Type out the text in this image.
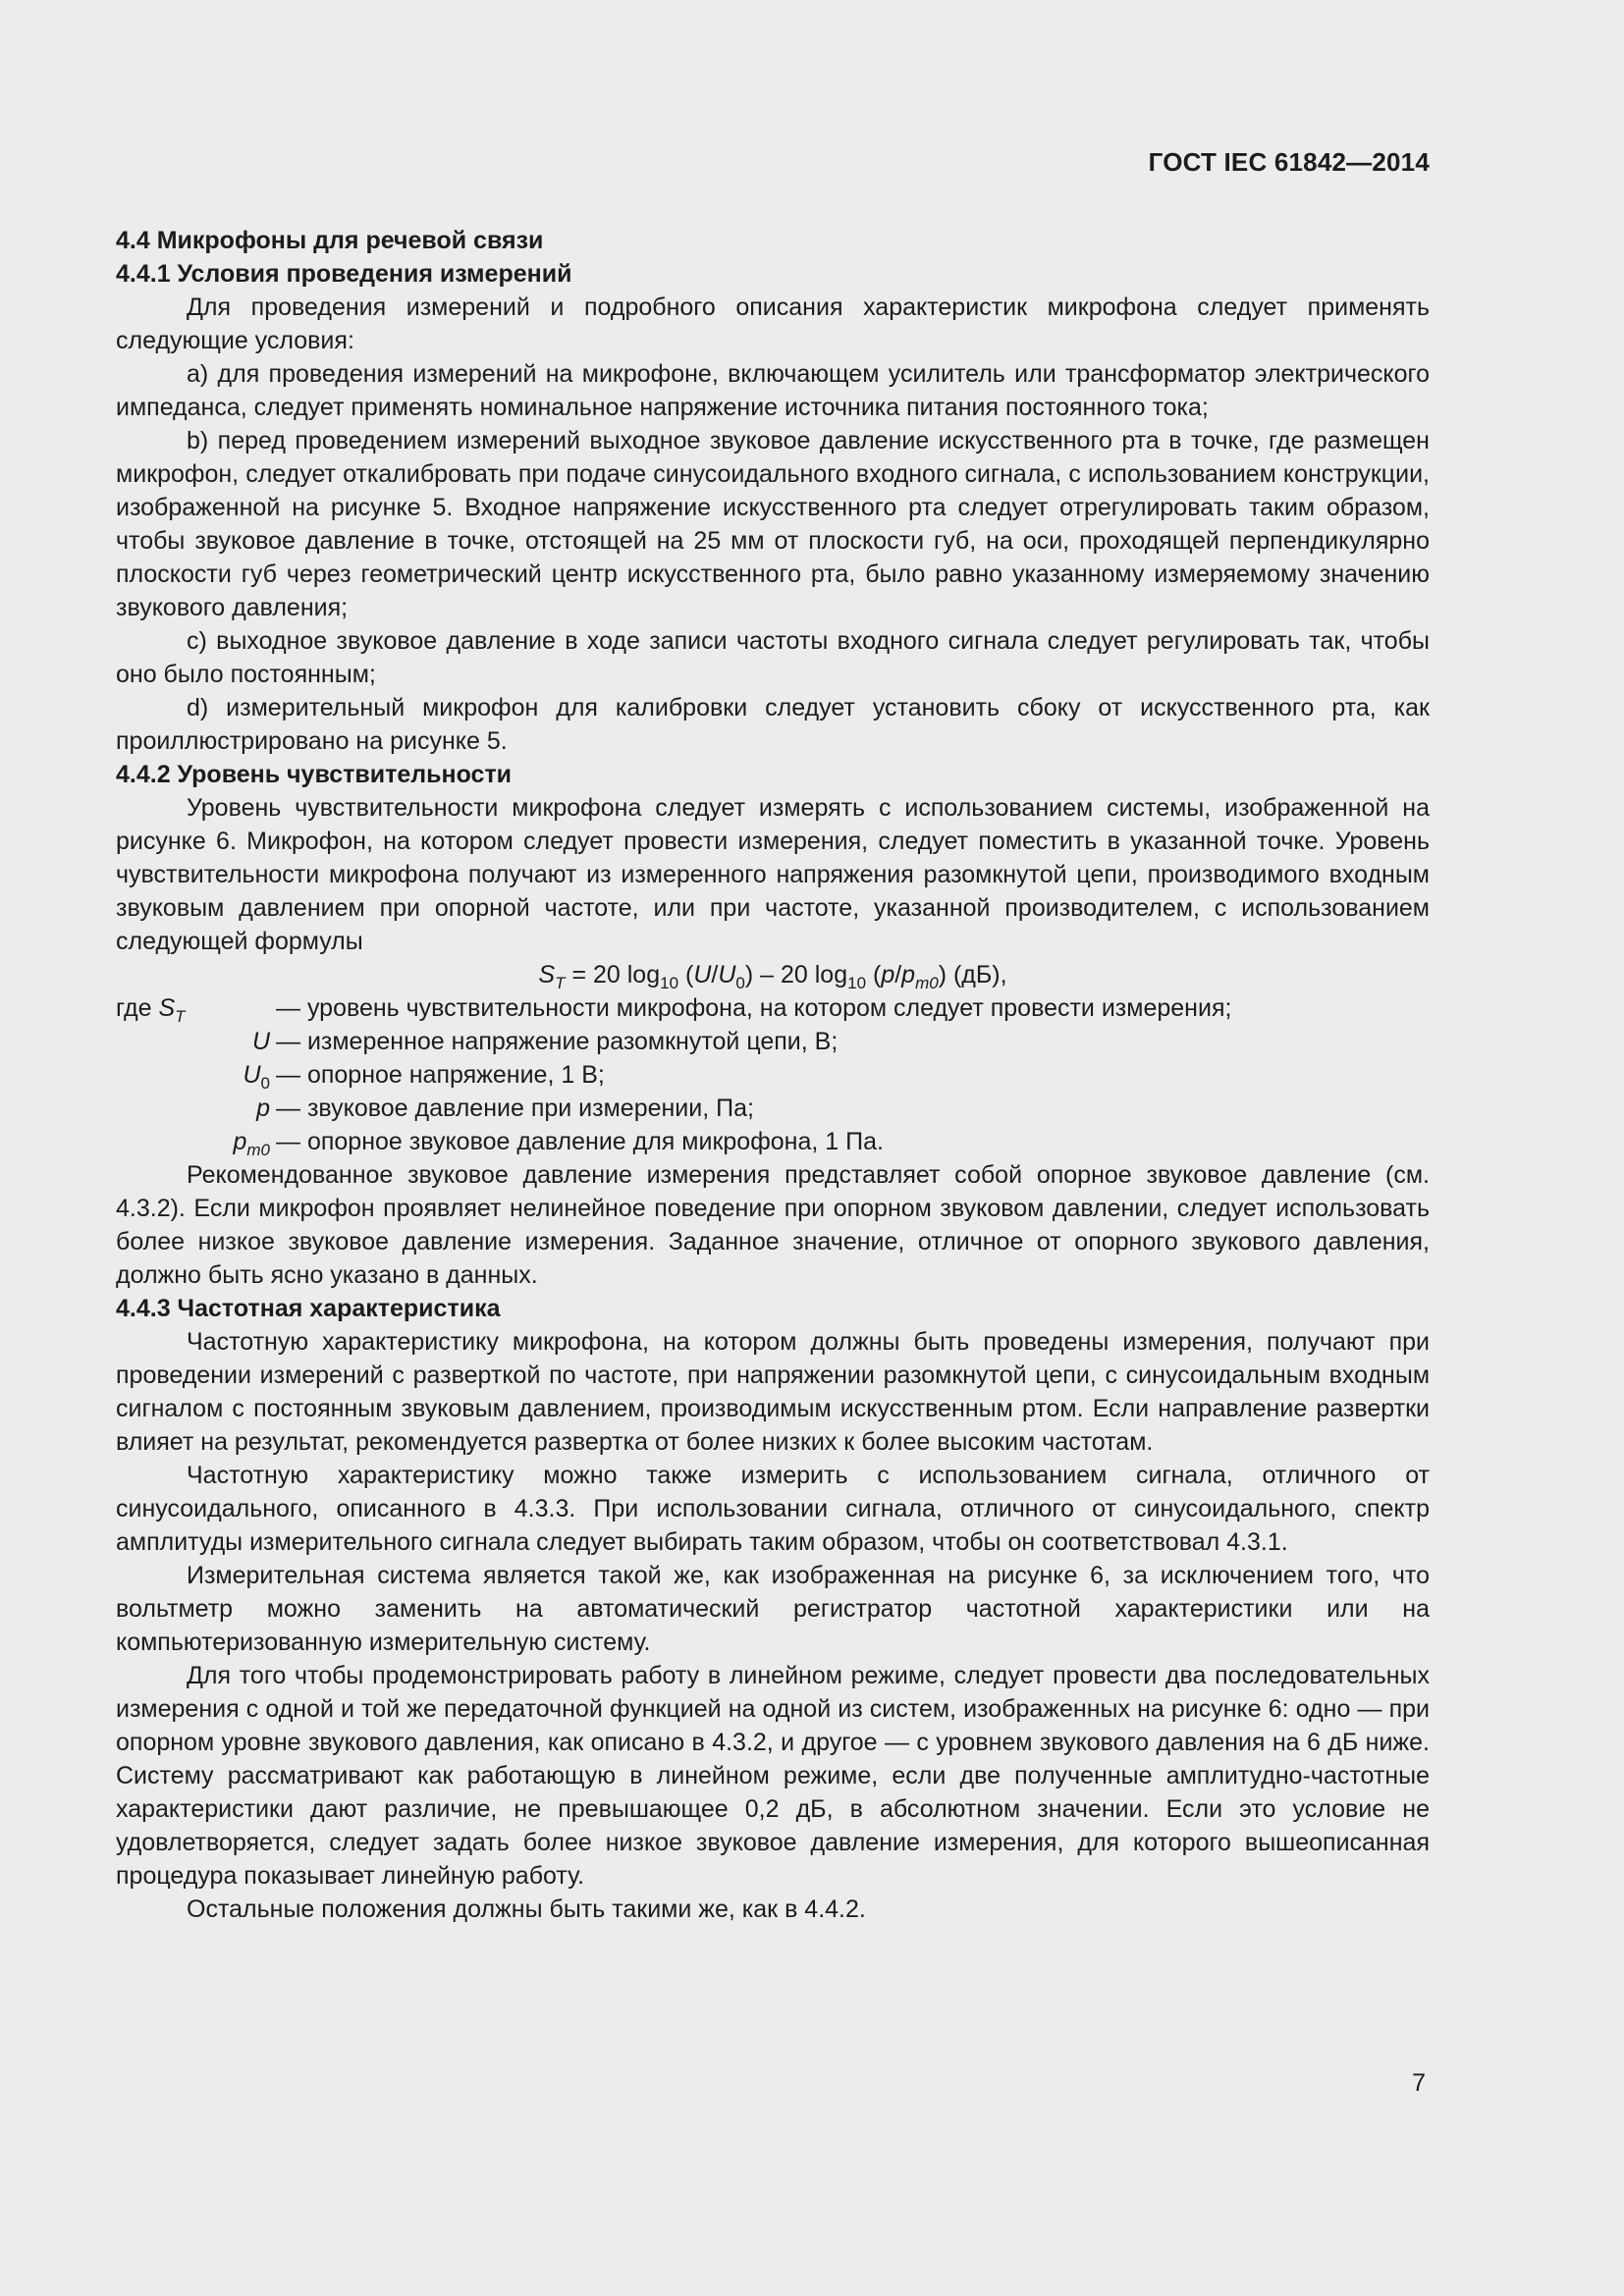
ГОСТ IEC 61842—2014

4.4 Микрофоны для речевой связи

4.4.1 Условия проведения измерений

Для проведения измерений и подробного описания характеристик микрофона следует применять следующие условия:

a) для проведения измерений на микрофоне, включающем усилитель или трансформатор электрического импеданса, следует применять номинальное напряжение источника питания постоянного тока;

b) перед проведением измерений выходное звуковое давление искусственного рта в точке, где размещен микрофон, следует откалибровать при подаче синусоидального входного сигнала, с использованием конструкции, изображенной на рисунке 5. Входное напряжение искусственного рта следует отрегулировать таким образом, чтобы звуковое давление в точке, отстоящей на 25 мм от плоскости губ, на оси, проходящей перпендикулярно плоскости губ через геометрический центр искусственного рта, было равно указанному измеряемому значению звукового давления;

c) выходное звуковое давление в ходе записи частоты входного сигнала следует регулировать так, чтобы оно было постоянным;

d) измерительный микрофон для калибровки следует установить сбоку от искусственного рта, как проиллюстрировано на рисунке 5.

4.4.2 Уровень чувствительности

Уровень чувствительности микрофона следует измерять с использованием системы, изображенной на рисунке 6. Микрофон, на котором следует провести измерения, следует поместить в указанной точке. Уровень чувствительности микрофона получают из измеренного напряжения разомкнутой цепи, производимого входным звуковым давлением при опорной частоте, или при частоте, указанной производителем, с использованием следующей формулы

$S_T = 20$ $\log_{10} (U/U_0) - 20$ $\log_{10} (p/p_{m0})$ (дБ),

где $S_T$	— уровень чувствительности микрофона, на котором следует провести измерения;
U — измеренное напряжение разомкнутой цепи, В;
$U_0$ — опорное напряжение, 1 В;
p — звуковое давление при измерении, Па;
$p_{m0}$ — опорное звуковое давление для микрофона, 1 Па.

Рекомендованное звуковое давление измерения представляет собой опорное звуковое давление (см. 4.3.2). Если микрофон проявляет нелинейное поведение при опорном звуковом давлении, следует использовать более низкое звуковое давление измерения. Заданное значение, отличное от опорного звукового давления, должно быть ясно указано в данных.

4.4.3 Частотная характеристика

Частотную характеристику микрофона, на котором должны быть проведены измерения, получают при проведении измерений с разверткой по частоте, при напряжении разомкнутой цепи, с синусоидальным входным сигналом с постоянным звуковым давлением, производимым искусственным ртом. Если направление развертки влияет на результат, рекомендуется развертка от более низких к более высоким частотам.

Частотную характеристику можно также измерить с использованием сигнала, отличного от синусоидального, описанного в 4.3.3. При использовании сигнала, отличного от синусоидального, спектр амплитуды измерительного сигнала следует выбирать таким образом, чтобы он соответствовал 4.3.1.

Измерительная система является такой же, как изображенная на рисунке 6, за исключением того, что вольтметр можно заменить на автоматический регистратор частотной характеристики или на компьютеризованную измерительную систему.

Для того чтобы продемонстрировать работу в линейном режиме, следует провести два последовательных измерения с одной и той же передаточной функцией на одной из систем, изображенных на рисунке 6: одно — при опорном уровне звукового давления, как описано в 4.3.2, и другое — с уровнем звукового давления на 6 дБ ниже. Систему рассматривают как работающую в линейном режиме, если две полученные амплитудно-частотные характеристики дают различие, не превышающее 0,2 дБ, в абсолютном значении. Если это условие не удовлетворяется, следует задать более низкое звуковое давление измерения, для которого вышеописанная процедура показывает линейную работу.

Остальные положения должны быть такими же, как в 4.4.2.

7
